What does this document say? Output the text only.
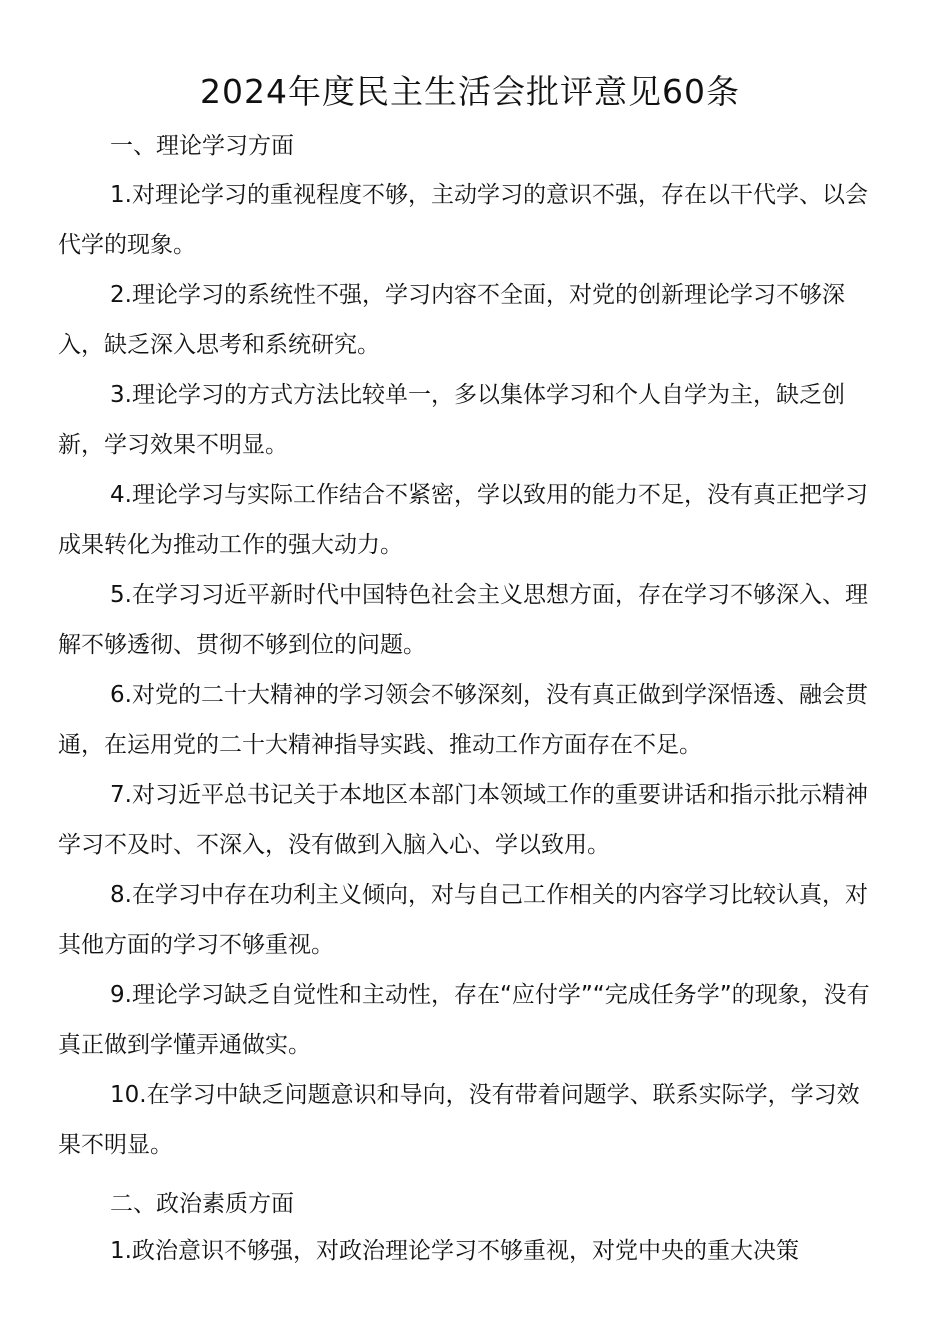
2024年度民主生活会批评意见60条

一、理论学习方面

1.对理论学习的重视程度不够，主动学习的意识不强，存在以干代学、以会代学的现象。

2.理论学习的系统性不强，学习内容不全面，对党的创新理论学习不够深入，缺乏深入思考和系统研究。

3.理论学习的方式方法比较单一，多以集体学习和个人自学为主，缺乏创新，学习效果不明显。

4.理论学习与实际工作结合不紧密，学以致用的能力不足，没有真正把学习成果转化为推动工作的强大动力。

5.在学习习近平新时代中国特色社会主义思想方面，存在学习不够深入、理解不够透彻、贯彻不够到位的问题。

6.对党的二十大精神的学习领会不够深刻，没有真正做到学深悟透、融会贯通，在运用党的二十大精神指导实践、推动工作方面存在不足。

7.对习近平总书记关于本地区本部门本领域工作的重要讲话和指示批示精神学习不及时、不深入，没有做到入脑入心、学以致用。

8.在学习中存在功利主义倾向，对与自己工作相关的内容学习比较认真，对其他方面的学习不够重视。

9.理论学习缺乏自觉性和主动性，存在“应付学”“完成任务学”的现象，没有真正做到学懂弄通做实。

10.在学习中缺乏问题意识和导向，没有带着问题学、联系实际学，学习效果不明显。

二、政治素质方面

1.政治意识不够强，对政治理论学习不够重视，对党中央的重大决策
